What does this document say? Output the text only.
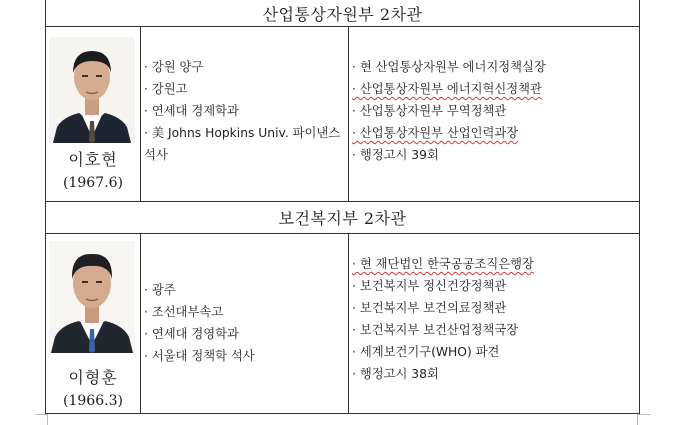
산업통상자원부 2차관
이호현
(1967.6)
· 강원 양구
· 강원고
· 연세대 경제학과
· 美 Johns Hopkins Univ. 파이낸스 석사
· 현 산업통상자원부 에너지정책실장
· 산업통상자원부 에너지혁신정책관
· 산업통상자원부 무역정책관
· 산업통상자원부 산업인력과장
· 행정고시 39회
보건복지부 2차관
이형훈
(1966.3)
· 광주
· 조선대부속고
· 연세대 경영학과
· 서울대 정책학 석사
· 현 재단법인 한국공공조직은행장
· 보건복지부 정신건강정책관
· 보건복지부 보건의료정책관
· 보건복지부 보건산업정책국장
· 세계보건기구(WHO) 파견
· 행정고시 38회
